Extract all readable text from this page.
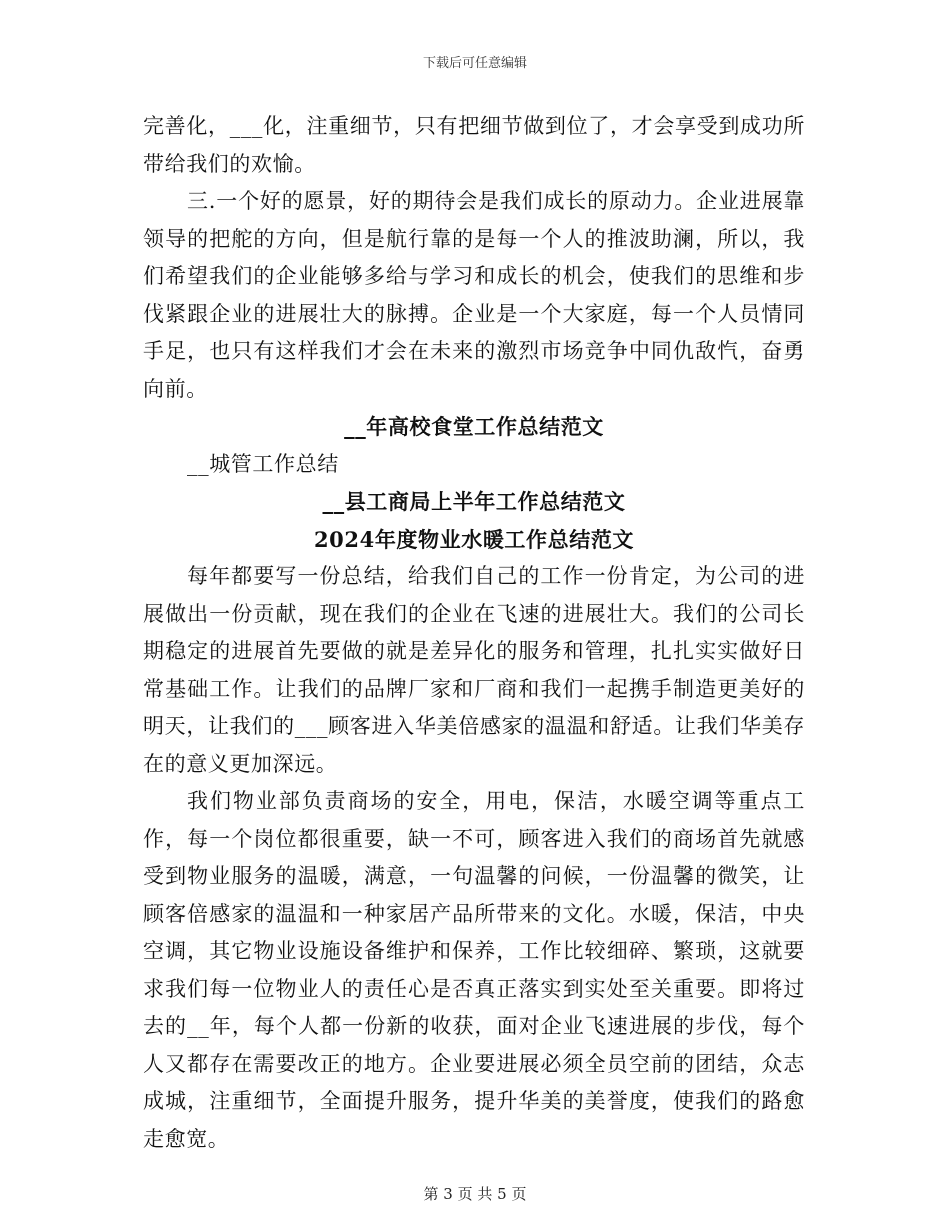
下载后可任意编辑

完善化，___化，注重细节，只有把细节做到位了，才会享受到成功所带给我们的欢愉。

三.一个好的愿景，好的期待会是我们成长的原动力。企业进展靠领导的把舵的方向，但是航行靠的是每一个人的推波助澜，所以，我们希望我们的企业能够多给与学习和成长的机会，使我们的思维和步伐紧跟企业的进展壮大的脉搏。企业是一个大家庭，每一个人员情同手足，也只有这样我们才会在未来的激烈市场竞争中同仇敌忾，奋勇向前。

__年高校食堂工作总结范文

__城管工作总结

__县工商局上半年工作总结范文

2024年度物业水暖工作总结范文

每年都要写一份总结，给我们自己的工作一份肯定，为公司的进展做出一份贡献，现在我们的企业在飞速的进展壮大。我们的公司长期稳定的进展首先要做的就是差异化的服务和管理，扎扎实实做好日常基础工作。让我们的品牌厂家和厂商和我们一起携手制造更美好的明天，让我们的___顾客进入华美倍感家的温温和舒适。让我们华美存在的意义更加深远。

我们物业部负责商场的安全，用电，保洁，水暖空调等重点工作，每一个岗位都很重要，缺一不可，顾客进入我们的商场首先就感受到物业服务的温暖，满意，一句温馨的问候，一份温馨的微笑，让顾客倍感家的温温和一种家居产品所带来的文化。水暖，保洁，中央空调，其它物业设施设备维护和保养，工作比较细碎、繁琐，这就要求我们每一位物业人的责任心是否真正落实到实处至关重要。即将过去的__年，每个人都一份新的收获，面对企业飞速进展的步伐，每个人又都存在需要改正的地方。企业要进展必须全员空前的团结，众志成城，注重细节，全面提升服务，提升华美的美誉度，使我们的路愈走愈宽。

第 3 页 共 5 页
